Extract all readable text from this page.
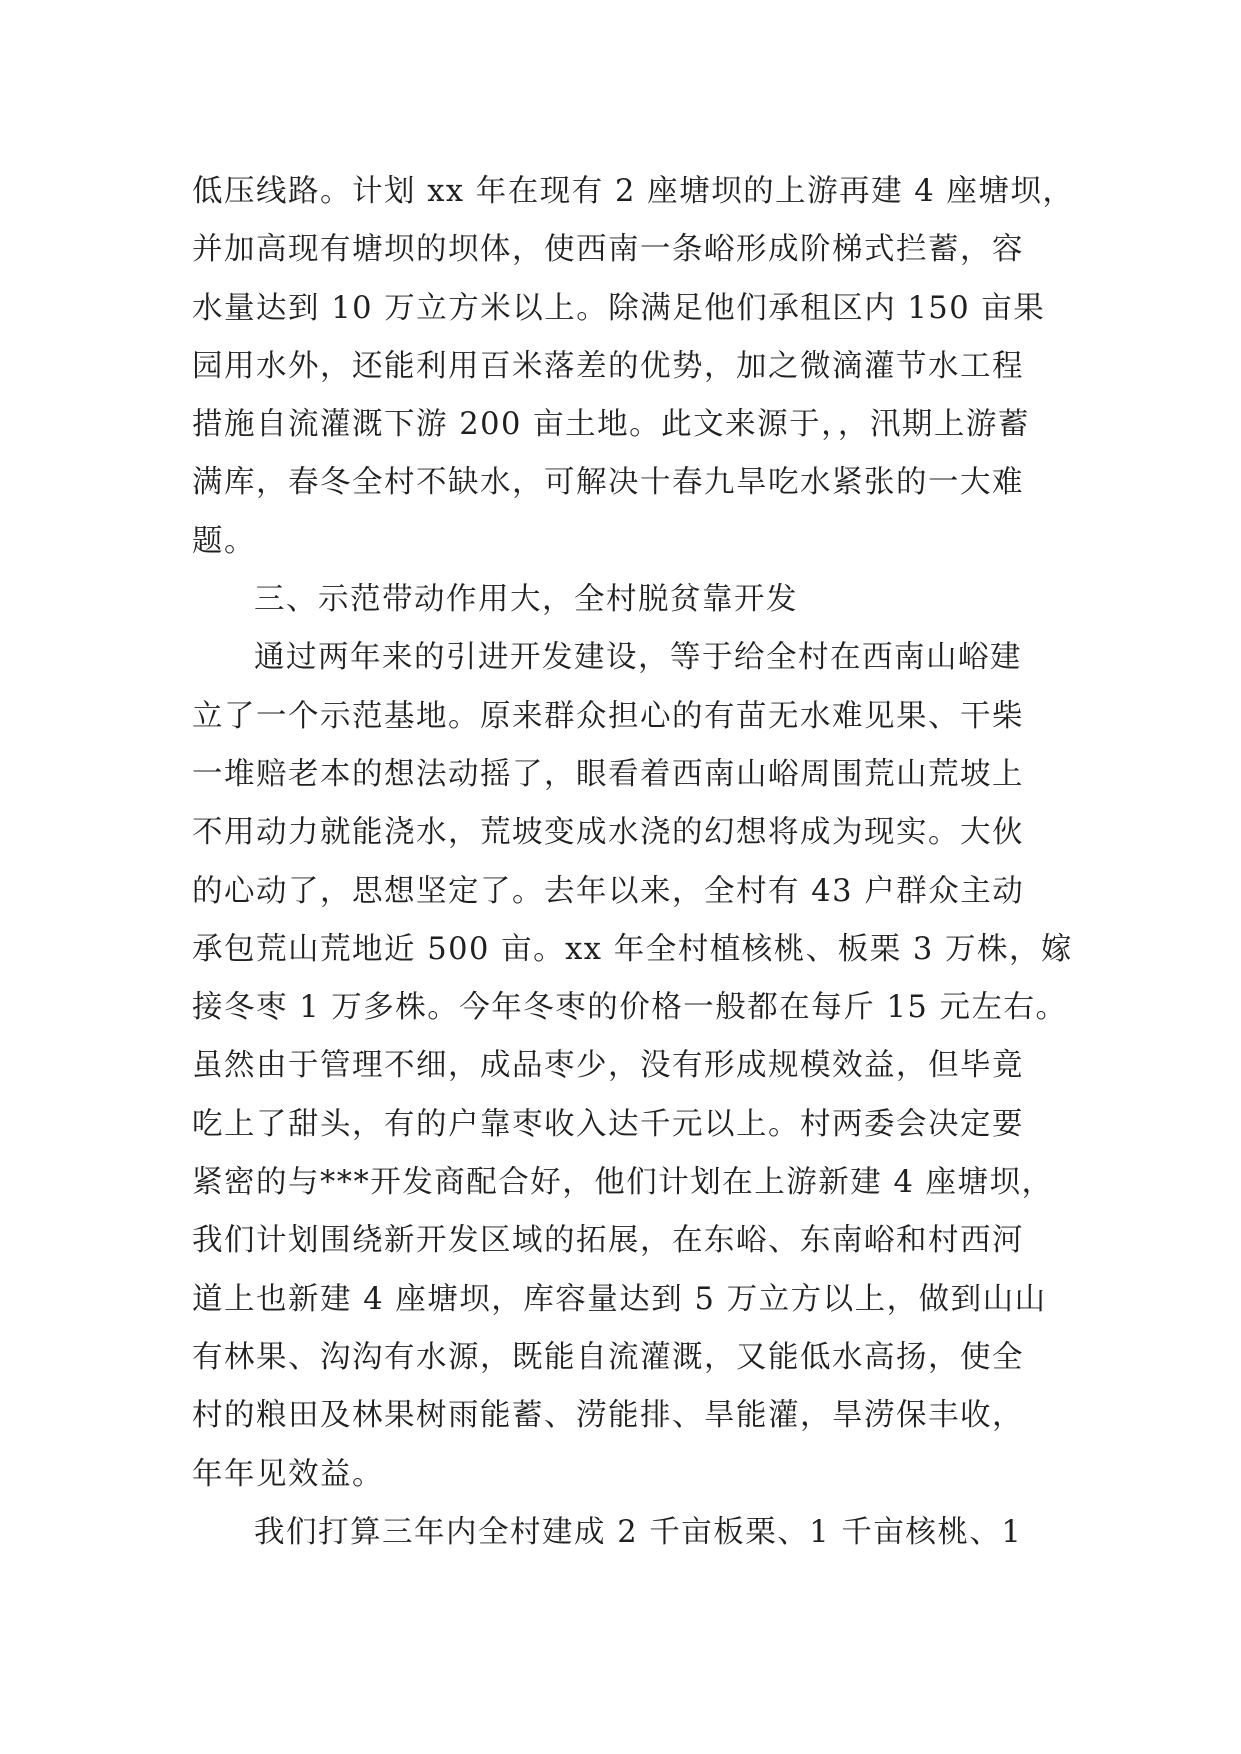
低压线路。计划 xx 年在现有 2 座塘坝的上游再建 4 座塘坝，
并加高现有塘坝的坝体，使西南一条峪形成阶梯式拦蓄，容
水量达到 10 万立方米以上。除满足他们承租区内 150 亩果
园用水外，还能利用百米落差的优势，加之微滴灌节水工程
措施自流灌溉下游 200 亩土地。此文来源于，，汛期上游蓄
满库，春冬全村不缺水，可解决十春九旱吃水紧张的一大难
题。
三、示范带动作用大，全村脱贫靠开发
通过两年来的引进开发建设，等于给全村在西南山峪建
立了一个示范基地。原来群众担心的有苗无水难见果、干柴
一堆赔老本的想法动摇了，眼看着西南山峪周围荒山荒坡上
不用动力就能浇水，荒坡变成水浇的幻想将成为现实。大伙
的心动了，思想坚定了。去年以来，全村有 43 户群众主动
承包荒山荒地近 500 亩。xx 年全村植核桃、板栗 3 万株，嫁
接冬枣 1 万多株。今年冬枣的价格一般都在每斤 15 元左右。
虽然由于管理不细，成品枣少，没有形成规模效益，但毕竟
吃上了甜头，有的户靠枣收入达千元以上。村两委会决定要
紧密的与***开发商配合好，他们计划在上游新建 4 座塘坝，
我们计划围绕新开发区域的拓展，在东峪、东南峪和村西河
道上也新建 4 座塘坝，库容量达到 5 万立方以上，做到山山
有林果、沟沟有水源，既能自流灌溉，又能低水高扬，使全
村的粮田及林果树雨能蓄、涝能排、旱能灌，旱涝保丰收，
年年见效益。
我们打算三年内全村建成 2 千亩板栗、1 千亩核桃、1
